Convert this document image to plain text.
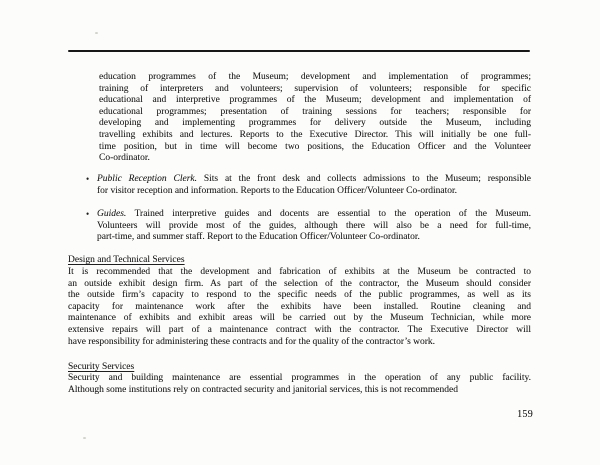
education programmes of the Museum; development and implementation of programmes;
training of interpreters and volunteers; supervision of volunteers; responsible for specific
educational and interpretive programmes of the Museum; development and implementation of
educational programmes; presentation of training sessions for teachers; responsible for
developing and implementing programmes for delivery outside the Museum, including
travelling exhibits and lectures. Reports to the Executive Director. This will initially be one full-
time position, but in time will become two positions, the Education Officer and the Volunteer
Co-ordinator.
• Public Reception Clerk. Sits at the front desk and collects admissions to the Museum; responsible
for visitor reception and information. Reports to the Education Officer/Volunteer Co-ordinator.
• Guides. Trained interpretive guides and docents are essential to the operation of the Museum.
Volunteers will provide most of the guides, although there will also be a need for full-time,
part-time, and summer staff. Report to the Education Officer/Volunteer Co-ordinator.
Design and Technical Services
It is recommended that the development and fabrication of exhibits at the Museum be contracted to
an outside exhibit design firm. As part of the selection of the contractor, the Museum should consider
the outside firm’s capacity to respond to the specific needs of the public programmes, as well as its
capacity for maintenance work after the exhibits have been installed. Routine cleaning and
maintenance of exhibits and exhibit areas will be carried out by the Museum Technician, while more
extensive repairs will part of a maintenance contract with the contractor. The Executive Director will
have responsibility for administering these contracts and for the quality of the contractor’s work.
Security Services
Security and building maintenance are essential programmes in the operation of any public facility.
Although some institutions rely on contracted security and janitorial services, this is not recommended
159
